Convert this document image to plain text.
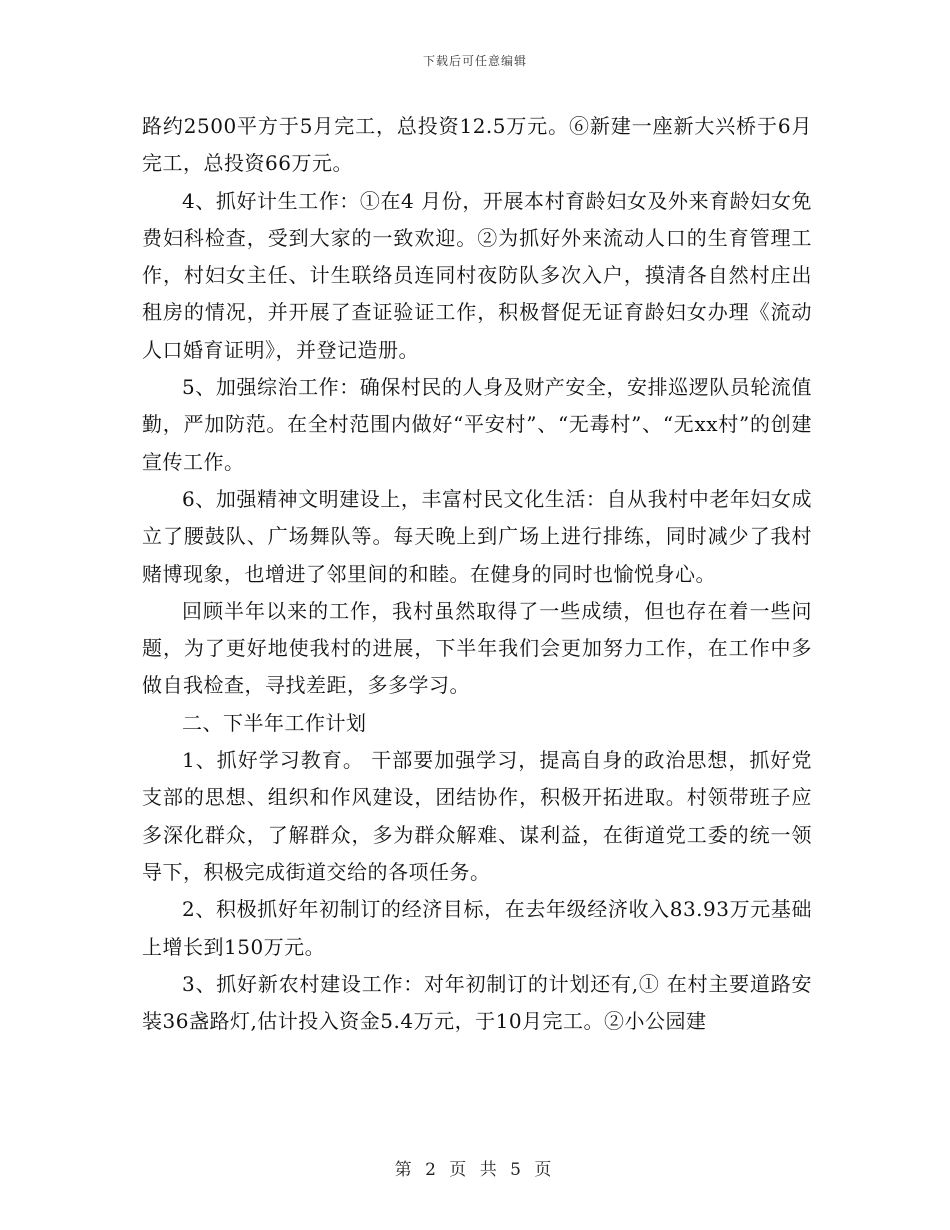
下载后可任意编辑

路约2500平方于5月完工，总投资12.5万元。⑥新建一座新大兴桥于6月完工，总投资66万元。

4、抓好计生工作：①在4 月份，开展本村育龄妇女及外来育龄妇女免费妇科检查，受到大家的一致欢迎。②为抓好外来流动人口的生育管理工作，村妇女主任、计生联络员连同村夜防队多次入户，摸清各自然村庄出租房的情况，并开展了查证验证工作，积极督促无证育龄妇女办理《流动人口婚育证明》，并登记造册。

5、加强综治工作：确保村民的人身及财产安全，安排巡逻队员轮流值勤，严加防范。在全村范围内做好“平安村”、“无毒村”、“无xx村”的创建宣传工作。

6、加强精神文明建设上，丰富村民文化生活：自从我村中老年妇女成立了腰鼓队、广场舞队等。每天晚上到广场上进行排练，同时减少了我村赌博现象，也增进了邻里间的和睦。在健身的同时也愉悦身心。

回顾半年以来的工作，我村虽然取得了一些成绩，但也存在着一些问题，为了更好地使我村的进展，下半年我们会更加努力工作，在工作中多做自我检查，寻找差距，多多学习。

二、下半年工作计划

1、抓好学习教育。 干部要加强学习，提高自身的政治思想，抓好党支部的思想、组织和作风建设，团结协作，积极开拓进取。村领带班子应多深化群众，了解群众，多为群众解难、谋利益，在街道党工委的统一领导下，积极完成街道交给的各项任务。

2、积极抓好年初制订的经济目标，在去年级经济收入83.93万元基础上增长到150万元。

3、抓好新农村建设工作：对年初制订的计划还有,① 在村主要道路安装36盏路灯,估计投入资金5.4万元，于10月完工。②小公园建

第 2 页 共 5 页
